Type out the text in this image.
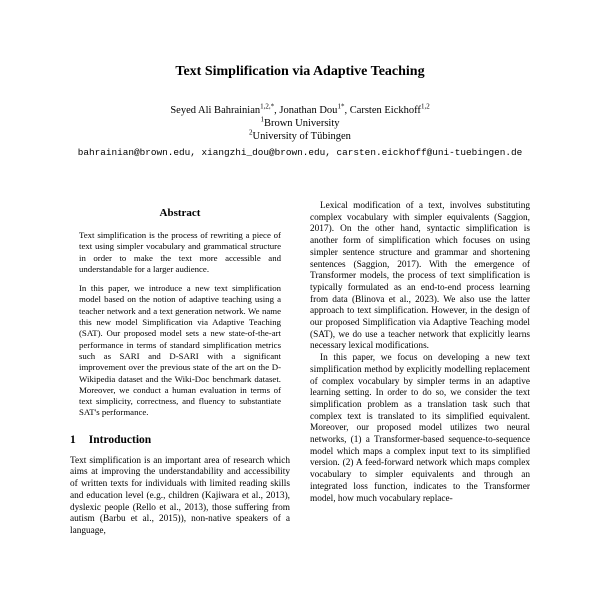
Text Simplification via Adaptive Teaching
Seyed Ali Bahrainian$^{1,2,*}$, Jonathan Dou$^{1*}$, Carsten Eickhoff$^{1,2}$
$^1$Brown University
$^2$University of Tübingen
bahrainian@brown.edu, xiangzhi_dou@brown.edu, carsten.eickhoff@uni-tuebingen.de
Abstract

Text simplification is the process of rewriting a piece of text using simpler vocabulary and grammatical structure in order to make the text more accessible and understandable for a larger audience.

In this paper, we introduce a new text simplification model based on the notion of adaptive teaching using a teacher network and a text generation network. We name this new model Simplification via Adaptive Teaching (SAT). Our proposed model sets a new state-of-the-art performance in terms of standard simplification metrics such as SARI and D-SARI with a significant improvement over the previous state of the art on the D-Wikipedia dataset and the Wiki-Doc benchmark dataset. Moreover, we conduct a human evaluation in terms of text simplicity, correctness, and fluency to substantiate SAT's performance.

1 Introduction

Text simplification is an important area of research which aims at improving the understandability and accessibility of written texts for individuals with limited reading skills and education level (e.g., children (Kajiwara et al., 2013), dyslexic people (Rello et al., 2013), those suffering from autism (Barbu et al., 2015)), non-native speakers of a language,

Lexical modification of a text, involves substituting complex vocabulary with simpler equivalents (Saggion, 2017). On the other hand, syntactic simplification is another form of simplification which focuses on using simpler sentence structure and grammar and shortening sentences (Saggion, 2017). With the emergence of Transformer models, the process of text simplification is typically formulated as an end-to-end process learning from data (Blinova et al., 2023). We also use the latter approach to text simplification. However, in the design of our proposed Simplification via Adaptive Teaching model (SAT), we do use a teacher network that explicitly learns necessary lexical modifications.

In this paper, we focus on developing a new text simplification method by explicitly modelling replacement of complex vocabulary by simpler terms in an adaptive learning setting. In order to do so, we consider the text simplification problem as a translation task such that complex text is translated to its simplified equivalent. Moreover, our proposed model utilizes two neural networks, (1) a Transformer-based sequence-to-sequence model which maps a complex input text to its simplified version. (2) A feed-forward network which maps complex vocabulary to simpler equivalents and through an integrated loss function, indicates to the Transformer model, how much vocabulary replace-
